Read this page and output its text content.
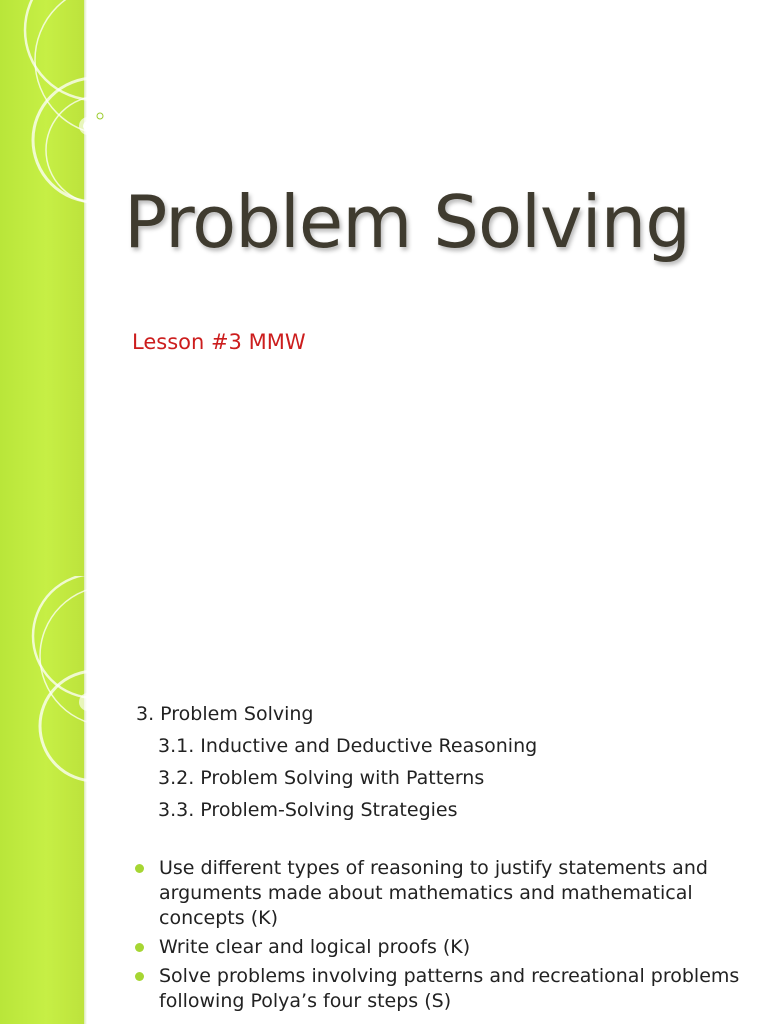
Problem Solving

Lesson #3 MMW

3. Problem Solving
3.1. Inductive and Deductive Reasoning
3.2. Problem Solving with Patterns
3.3. Problem-Solving Strategies
Use different types of reasoning to justify statements and arguments made about mathematics and mathematical concepts (K)
Write clear and logical proofs (K)
Solve problems involving patterns and recreational problems following Polya’s four steps (S)
